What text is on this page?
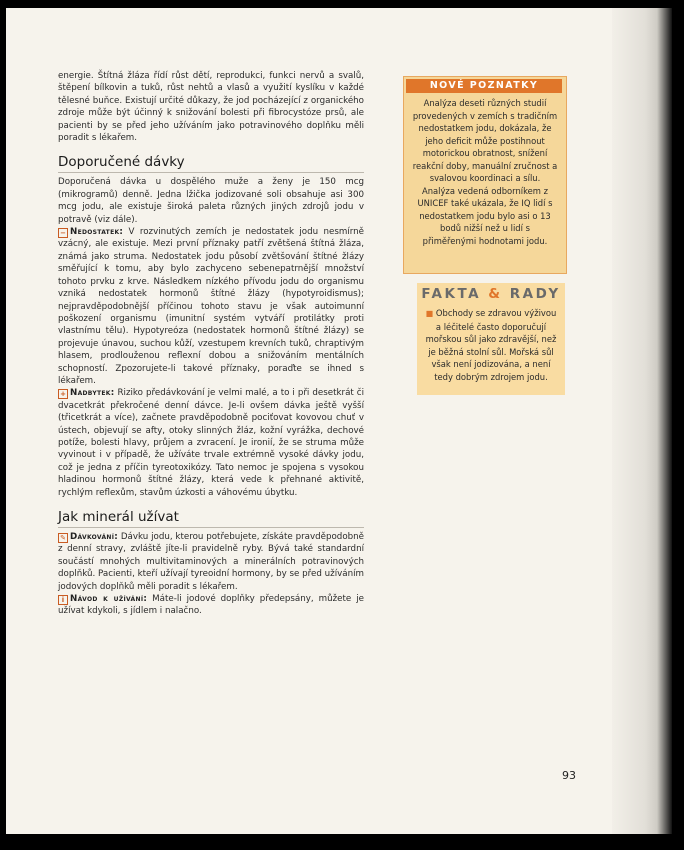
energie. Štítná žláza řídí růst dětí, reprodukci, funkci nervů a svalů, štěpení bílkovin a tuků, růst nehtů a vlasů a využití kyslíku v každé tělesné buňce. Existují určité důkazy, že jod pocházející z organického zdroje může být účinný k snižování bolesti při fibrocystóze prsů, ale pacienti by se před jeho užíváním jako potravinového doplňku měli poradit s lékařem.

Doporučené dávky

Doporučená dávka u dospělého muže a ženy je 150 mcg (mikrogramů) denně. Jedna lžička jodizované soli obsahuje asi 300 mcg jodu, ale existuje široká paleta různých jiných zdrojů jodu v potravě (viz dále).

− Nedostatek: V rozvinutých zemích je nedostatek jodu nesmírně vzácný, ale existuje. Mezi první příznaky patří zvětšená štítná žláza, známá jako struma. Nedostatek jodu působí zvětšování štítné žlázy směřující k tomu, aby bylo zachyceno sebenepatrnější množství tohoto prvku z krve. Následkem nízkého přívodu jodu do organismu vzniká nedostatek hormonů štítné žlázy (hypotyroidismus); nejpravděpodobnější příčinou tohoto stavu je však autoimunní poškození organismu (imunitní systém vytváří protilátky proti vlastnímu tělu). Hypotyreóza (nedostatek hormonů štítné žlázy) se projevuje únavou, suchou kůží, vzestupem krevních tuků, chraptivým hlasem, prodlouženou reflexní dobou a snižováním mentálních schopností. Zpozorujete-li takové příznaky, poraďte se ihned s lékařem.

+ Nadbytek: Riziko předávkování je velmi malé, a to i při desetkrát či dvacetkrát překročené denní dávce. Je-li ovšem dávka ještě vyšší (třicetkrát a více), začnete pravděpodobně pociťovat kovovou chuť v ústech, objevují se afty, otoky slinných žláz, kožní vyrážka, dechové potíže, bolesti hlavy, průjem a zvracení. Je ironií, že se struma může vyvinout i v případě, že užíváte trvale extrémně vysoké dávky jodu, což je jedna z příčin tyreotoxikózy. Tato nemoc je spojena s vysokou hladinou hormonů štítné žlázy, která vede k přehnané aktivitě, rychlým reflexům, stavům úzkosti a váhovému úbytku.

Jak minerál užívat

✎ Dávkování: Dávku jodu, kterou potřebujete, získáte pravděpodobně z denní stravy, zvláště jíte-li pravidelně ryby. Bývá také standardní součástí mnohých multivitaminových a minerálních potravinových doplňků. Pacienti, kteří užívají tyreoidní hormony, by se před užíváním jodových doplňků měli poradit s lékařem.

i Návod k užívání: Máte-li jodové doplňky předepsány, můžete je užívat kdykoli, s jídlem i nalačno.

NOVÉ POZNATKY

Analýza deseti různých studií provedených v zemích s tradičním nedostatkem jodu, dokázala, že jeho deficit může postihnout motorickou obratnost, snížení reakční doby, manuální zručnost a svalovou koordinaci a sílu. Analýza vedená odborníkem z UNICEF také ukázala, že IQ lidí s nedostatkem jodu bylo asi o 13 bodů nižší než u lidí s přiměřenými hodnotami jodu.

FAKTA & RADY

■ Obchody se zdravou výživou a léčitelé často doporučují mořskou sůl jako zdravější, než je běžná stolní sůl. Mořská sůl však není jodizována, a není tedy dobrým zdrojem jodu.

93
